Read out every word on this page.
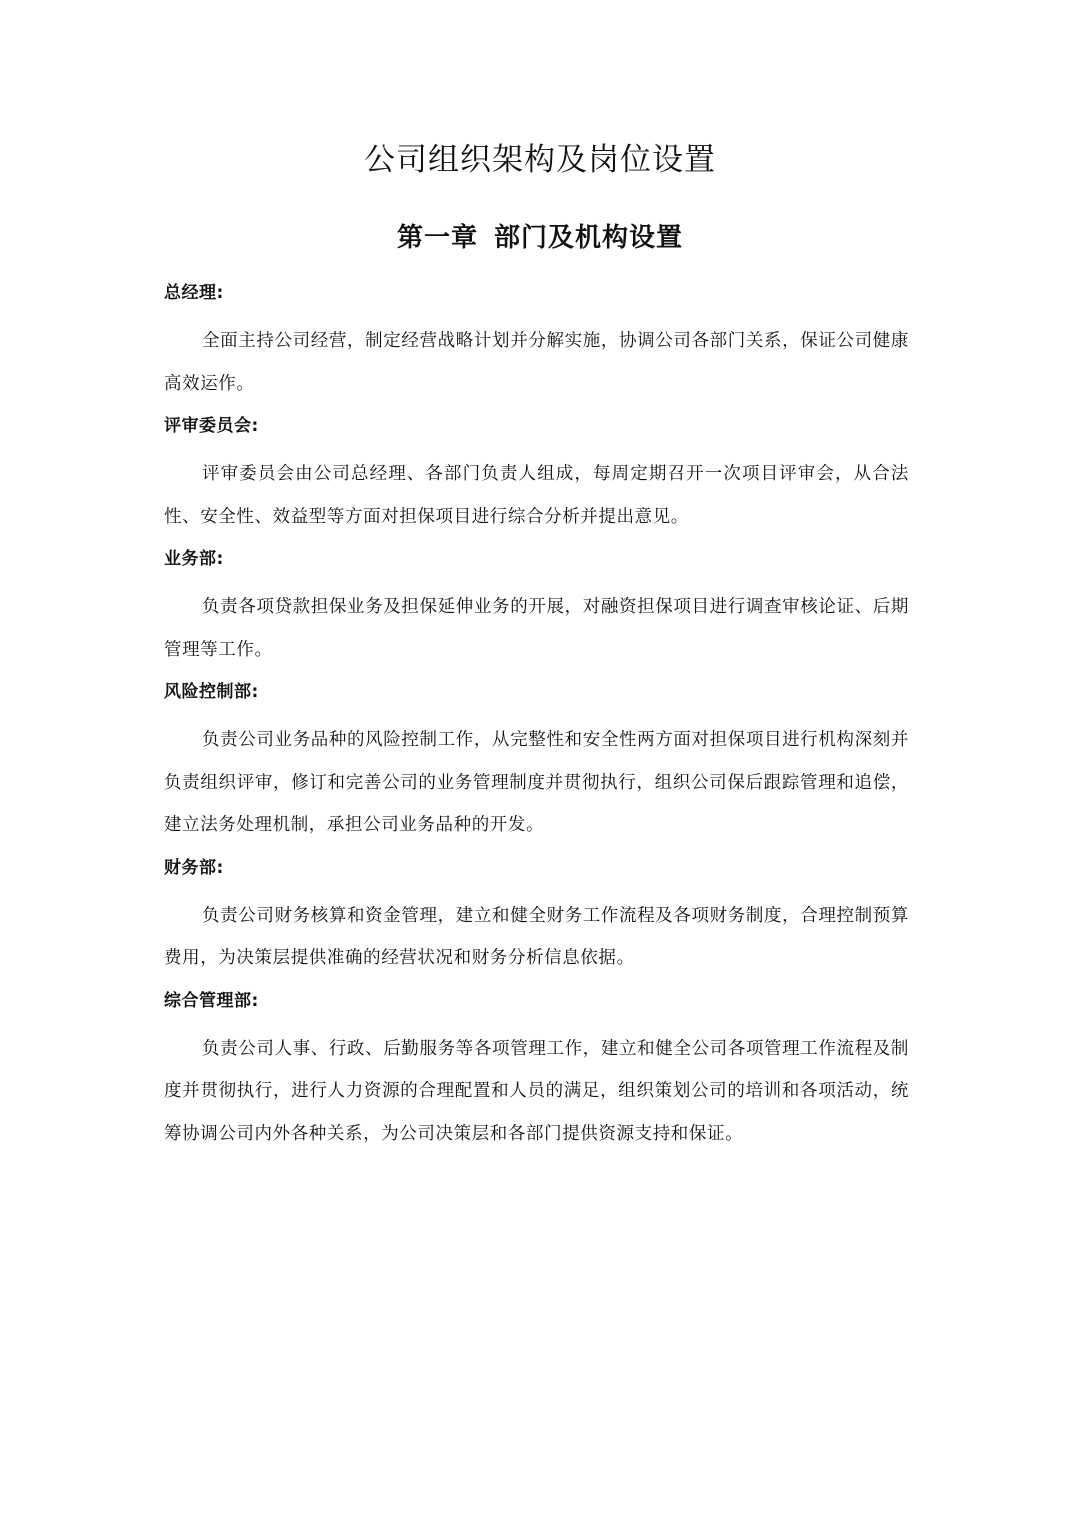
公司组织架构及岗位设置
第一章 部门及机构设置
总经理:

全面主持公司经营，制定经营战略计划并分解实施，协调公司各部门关系，保证公司健康高效运作。

评审委员会:

评审委员会由公司总经理、各部门负责人组成，每周定期召开一次项目评审会，从合法性、安全性、效益型等方面对担保项目进行综合分析并提出意见。

业务部:

负责各项贷款担保业务及担保延伸业务的开展，对融资担保项目进行调查审核论证、后期管理等工作。

风险控制部:

负责公司业务品种的风险控制工作，从完整性和安全性两方面对担保项目进行机构深刻并负责组织评审，修订和完善公司的业务管理制度并贯彻执行，组织公司保后跟踪管理和追偿，建立法务处理机制，承担公司业务品种的开发。

财务部:

负责公司财务核算和资金管理，建立和健全财务工作流程及各项财务制度，合理控制预算费用，为决策层提供准确的经营状况和财务分析信息依据。

综合管理部:

负责公司人事、行政、后勤服务等各项管理工作，建立和健全公司各项管理工作流程及制度并贯彻执行，进行人力资源的合理配置和人员的满足，组织策划公司的培训和各项活动，统筹协调公司内外各种关系，为公司决策层和各部门提供资源支持和保证。
